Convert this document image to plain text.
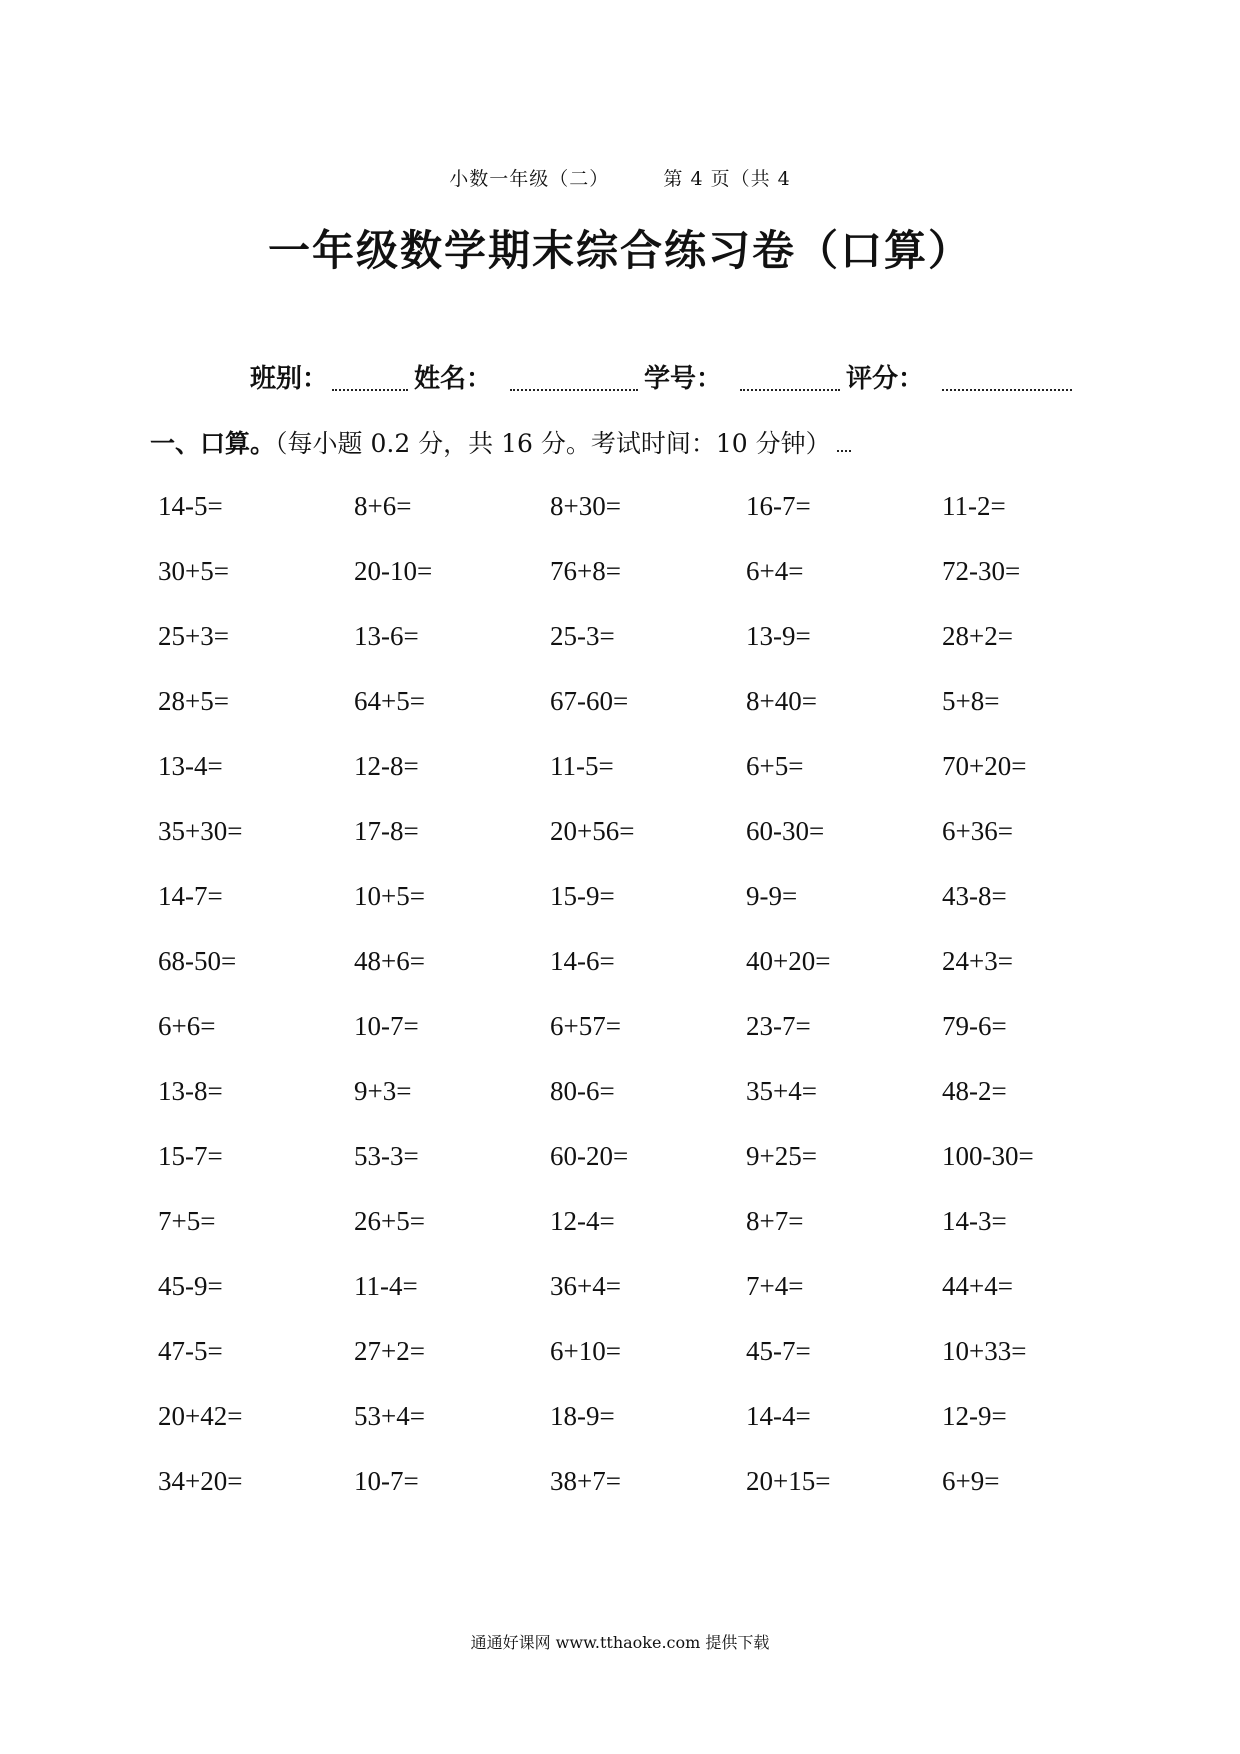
小数一年级（二）	第 4 页（共 4
一年级数学期末综合练习卷（口算）
班别：	姓名：	学号：	评分：
一、口算。（每小题 0.2 分，共 16 分。考试时间：10 分钟）
14-5=	8+6=	8+30=	16-7=	11-2=
30+5=	20-10=	76+8=	6+4=	72-30=
25+3=	13-6=	25-3=	13-9=	28+2=
28+5=	64+5=	67-60=	8+40=	5+8=
13-4=	12-8=	11-5=	6+5=	70+20=
35+30=	17-8=	20+56=	60-30=	6+36=
14-7=	10+5=	15-9=	9-9=	43-8=
68-50=	48+6=	14-6=	40+20=	24+3=
6+6=	10-7=	6+57=	23-7=	79-6=
13-8=	9+3=	80-6=	35+4=	48-2=
15-7=	53-3=	60-20=	9+25=	100-30=
7+5=	26+5=	12-4=	8+7=	14-3=
45-9=	11-4=	36+4=	7+4=	44+4=
47-5=	27+2=	6+10=	45-7=	10+33=
20+42=	53+4=	18-9=	14-4=	12-9=
34+20=	10-7=	38+7=	20+15=	6+9=
通通好课网 www.tthaoke.com 提供下载
